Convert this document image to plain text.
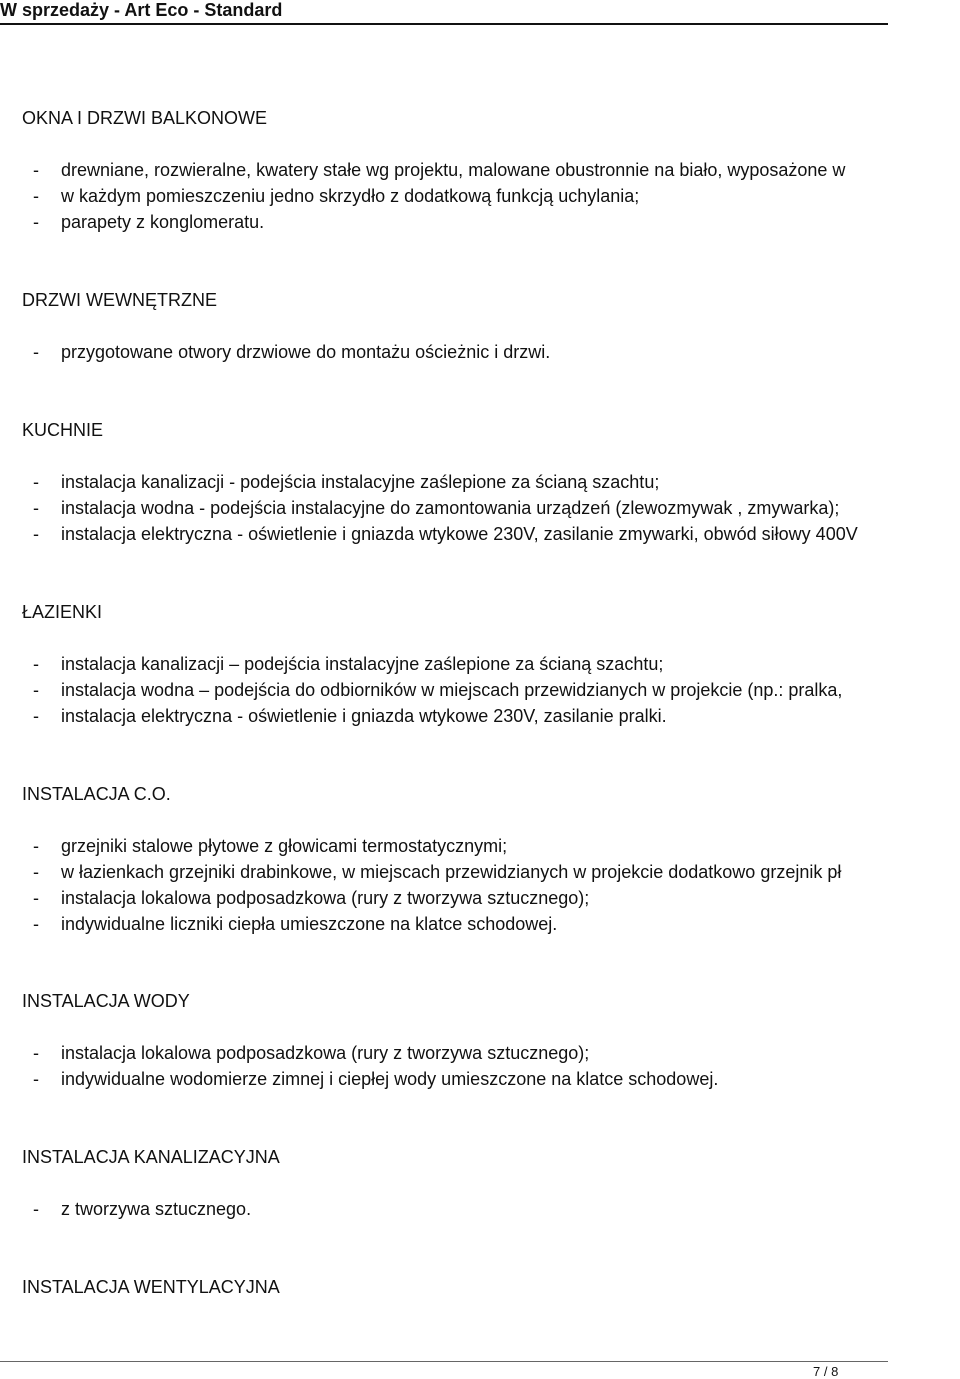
W sprzedaży - Art Eco - Standard
OKNA I DRZWI BALKONOWE
- drewniane, rozwieralne, kwatery stałe wg projektu, malowane obustronnie na biało, wyposażone w
- w każdym pomieszczeniu jedno skrzydło z dodatkową funkcją uchylania;
- parapety z konglomeratu.
DRZWI WEWNĘTRZNE
- przygotowane otwory drzwiowe do montażu ościeżnic i drzwi.
KUCHNIE
- instalacja kanalizacji - podejścia instalacyjne zaślepione za ścianą szachtu;
- instalacja wodna - podejścia instalacyjne do zamontowania urządzeń (zlewozmywak , zmywarka);
- instalacja elektryczna - oświetlenie i gniazda wtykowe 230V, zasilanie zmywarki, obwód siłowy 400V
ŁAZIENKI
- instalacja kanalizacji – podejścia instalacyjne zaślepione za ścianą szachtu;
- instalacja wodna – podejścia do odbiorników w miejscach przewidzianych w projekcie (np.: pralka,
- instalacja elektryczna - oświetlenie i gniazda wtykowe 230V, zasilanie pralki.
INSTALACJA C.O.
- grzejniki stalowe płytowe z głowicami termostatycznymi;
- w łazienkach grzejniki drabinkowe, w miejscach przewidzianych w projekcie dodatkowo grzejnik pł
- instalacja lokalowa podposadzkowa (rury z tworzywa sztucznego);
- indywidualne liczniki ciepła umieszczone na klatce schodowej.
INSTALACJA WODY
- instalacja lokalowa podposadzkowa (rury z tworzywa sztucznego);
- indywidualne wodomierze zimnej i ciepłej wody umieszczone na klatce schodowej.
INSTALACJA KANALIZACYJNA
- z tworzywa sztucznego.
INSTALACJA WENTYLACYJNA
7 / 8
